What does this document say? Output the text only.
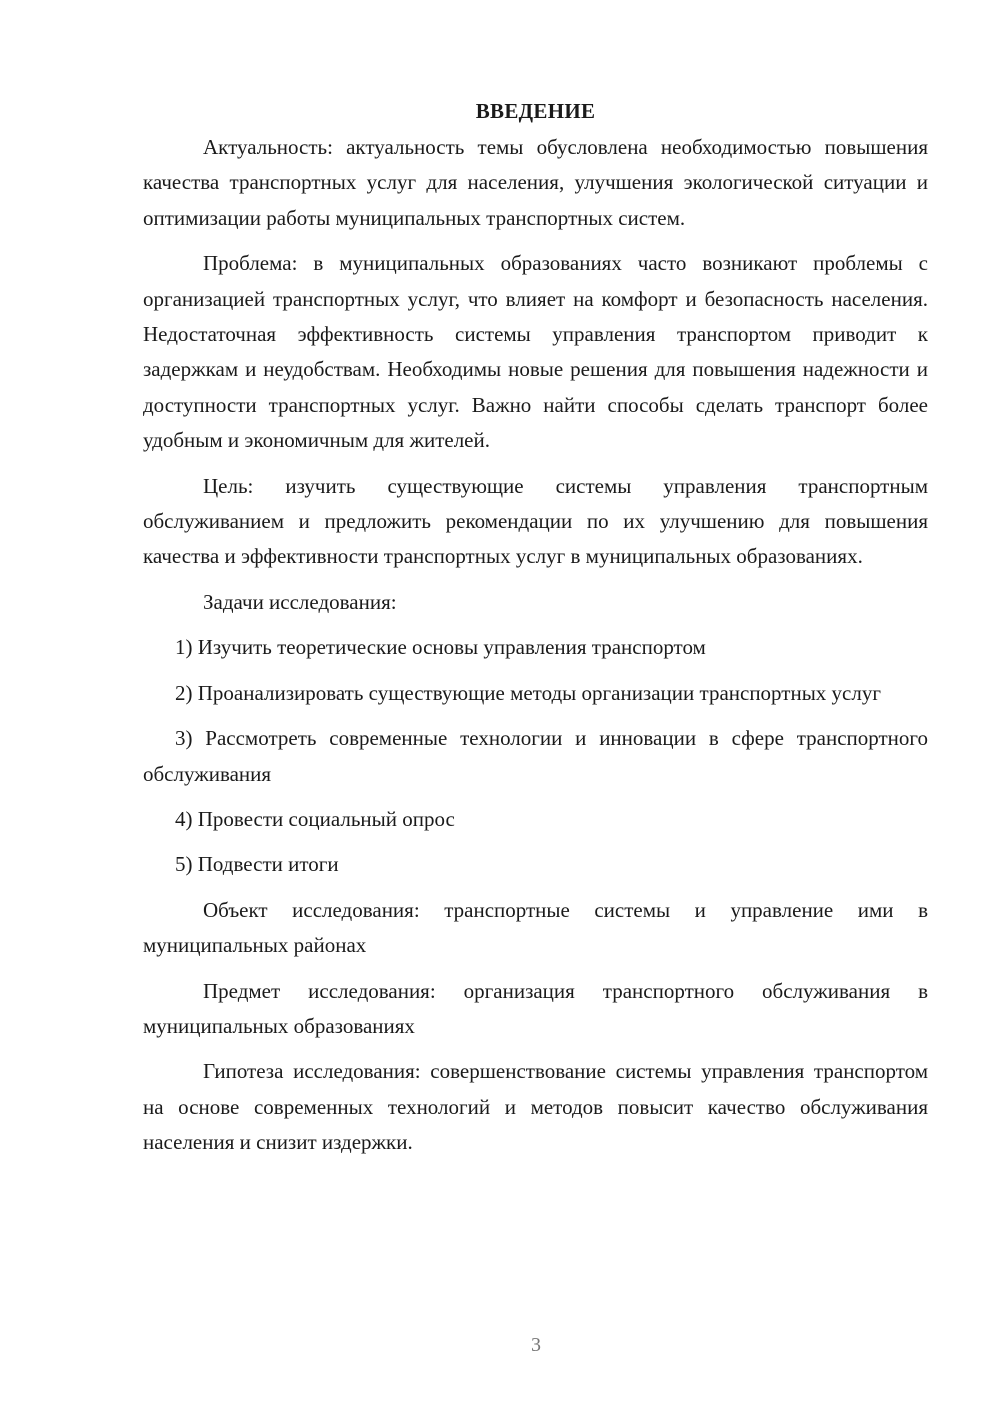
ВВЕДЕНИЕ

Актуальность: актуальность темы обусловлена необходимостью повышения качества транспортных услуг для населения, улучшения экологической ситуации и оптимизации работы муниципальных транспортных систем.

Проблема: в муниципальных образованиях часто возникают проблемы с организацией транспортных услуг, что влияет на комфорт и безопасность населения. Недостаточная эффективность системы управления транспортом приводит к задержкам и неудобствам. Необходимы новые решения для повышения надежности и доступности транспортных услуг. Важно найти способы сделать транспорт более удобным и экономичным для жителей.

Цель: изучить существующие системы управления транспортным обслуживанием и предложить рекомендации по их улучшению для повышения качества и эффективности транспортных услуг в муниципальных образованиях.

Задачи исследования:

1) Изучить теоретические основы управления транспортом

2) Проанализировать существующие методы организации транспортных услуг

3) Рассмотреть современные технологии и инновации в сфере транспортного обслуживания

4) Провести социальный опрос

5) Подвести итоги

Объект исследования: транспортные системы и управление ими в муниципальных районах

Предмет исследования: организация транспортного обслуживания в муниципальных образованиях

Гипотеза исследования: совершенствование системы управления транспортом на основе современных технологий и методов повысит качество обслуживания населения и снизит издержки.

3
